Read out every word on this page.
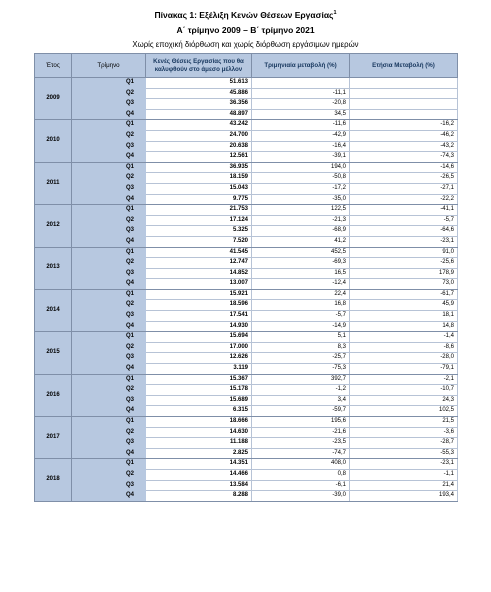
Πίνακας 1: Εξέλιξη Κενών Θέσεων Εργασίας$^1$
Α΄ τρίμηνο 2009 – Β΄ τρίμηνο 2021
Χωρίς εποχική διόρθωση και χωρίς διόρθωση εργάσιμων ημερών
Έτος	Τρίμηνο	Κενές Θέσεις Εργασίας που θα καλυφθούν στο άμεσο μέλλον	Τριμηνιαία μεταβολή (%)	Ετήσια Μεταβολή (%)
2009	Q1	51.613		
	Q2	45.886	-11,1	
	Q3	36.356	-20,8	
	Q4	48.897	34,5	
2010	Q1	43.242	-11,6	-16,2
	Q2	24.700	-42,9	-46,2
	Q3	20.638	-16,4	-43,2
	Q4	12.561	-39,1	-74,3
2011	Q1	36.935	194,0	-14,6
	Q2	18.159	-50,8	-26,5
	Q3	15.043	-17,2	-27,1
	Q4	9.775	-35,0	-22,2
2012	Q1	21.753	122,5	-41,1
	Q2	17.124	-21,3	-5,7
	Q3	5.325	-68,9	-64,6
	Q4	7.520	41,2	-23,1
2013	Q1	41.545	452,5	91,0
	Q2	12.747	-69,3	-25,6
	Q3	14.852	16,5	178,9
	Q4	13.007	-12,4	73,0
2014	Q1	15.921	22,4	-61,7
	Q2	18.596	16,8	45,9
	Q3	17.541	-5,7	18,1
	Q4	14.930	-14,9	14,8
2015	Q1	15.694	5,1	-1,4
	Q2	17.000	8,3	-8,6
	Q3	12.626	-25,7	-28,0
	Q4	3.119	-75,3	-79,1
2016	Q1	15.367	392,7	-2,1
	Q2	15.178	-1,2	-10,7
	Q3	15.689	3,4	24,3
	Q4	6.315	-59,7	102,5
2017	Q1	18.666	195,6	21,5
	Q2	14.630	-21,6	-3,6
	Q3	11.188	-23,5	-28,7
	Q4	2.825	-74,7	-55,3
2018	Q1	14.351	408,0	-23,1
	Q2	14.466	0,8	-1,1
	Q3	13.584	-6,1	21,4
	Q4	8.288	-39,0	193,4
